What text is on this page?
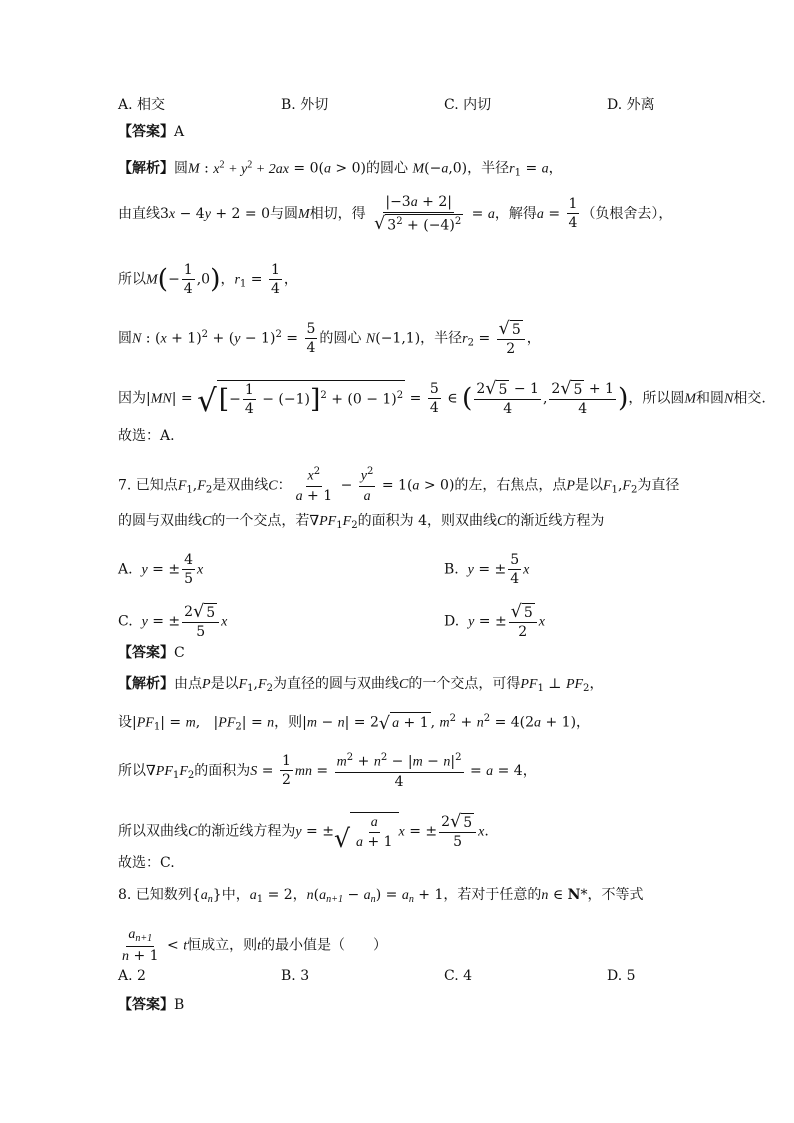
A. 相交	B. 外切	C. 内切	D. 外离
【答案】A
【解析】圆M : $x^2 + y^2 + 2ax = 0(a > 0)$的圆心 M(−a,0)，半径$r_1 = a$，
由直线3x − 4y + 2 = 0与圆M相切，得 $\frac{|-3a + 2|}{√ 3^2 + (-4)^2} = a$，解得$a = \frac{1}{4}$ （负根舍去），
所以$M(- \frac{1}{4} ,0)$，$r_1 = \frac{1}{4}$ ，
圆N : $(x + 1)^2 + (y - 1)^2 = \frac{5}{4}$ 的圆心 N(−1,1)，半径$r_2 = \frac{√ 5}{2}$ ，
因为|MN| = √ [− $\frac{1}{4} - (-1)]^2 + (0 - 1)^2 = \frac{5}{4}$ ∈ ( $\frac{2 √ 5 - 1}{4}$ , $\frac{2 √ 5 + 1}{4}$ )，所以圆M和圆N相交.
故选：A.
7. 已知点$F_1,F_2$是双曲线C： $\frac{x^2}{a + 1} - \frac{y^2}{a} = 1(a > 0)$的左，右焦点，点P是以$F_1,F_2$为直径
的圆与双曲线C的一个交点，若$\nabla PF_1F_2$的面积为 4，则双曲线C的渐近线方程为
A. y = ± $\frac{4}{5}$ x	B. y = ± $\frac{5}{4}$ x
C. y = ± $\frac{2 √ 5}{5}$ x	D. y = ± $\frac{√ 5}{2}$ x
【答案】C
【解析】由点P是以$F_1,F_2$为直径的圆与双曲线C的一个交点，可得$PF_1$ ⊥ $PF_2$，
设$|PF_1| = m$,   $|PF_2| = n$，则|m − n| = 2 √ a + 1 , $m^2 + n^2 = 4(2a + 1)$，
所以$\nabla PF_1F_2$的面积为$S = \frac{1}{2}$ mn = $\frac{m^2 + n^2 - |m - n|^2}{4} = a = 4$，
所以双曲线C的渐近线方程为y = ± √ $\frac{a}{a + 1}$ x = ± $\frac{2 √ 5}{5} x$.
故选：C.
8. 已知数列$\{a_n\}$中，$a_1 = 2$，$n(a_{n+1} - a_n) = a_n + 1$，若对于任意的n ∈ N*，不等式
$\frac{a_{n+1}}{n + 1} < t$恒成立，则t的最小值是（　　）
A. 2	B. 3	C. 4	D. 5
【答案】B
